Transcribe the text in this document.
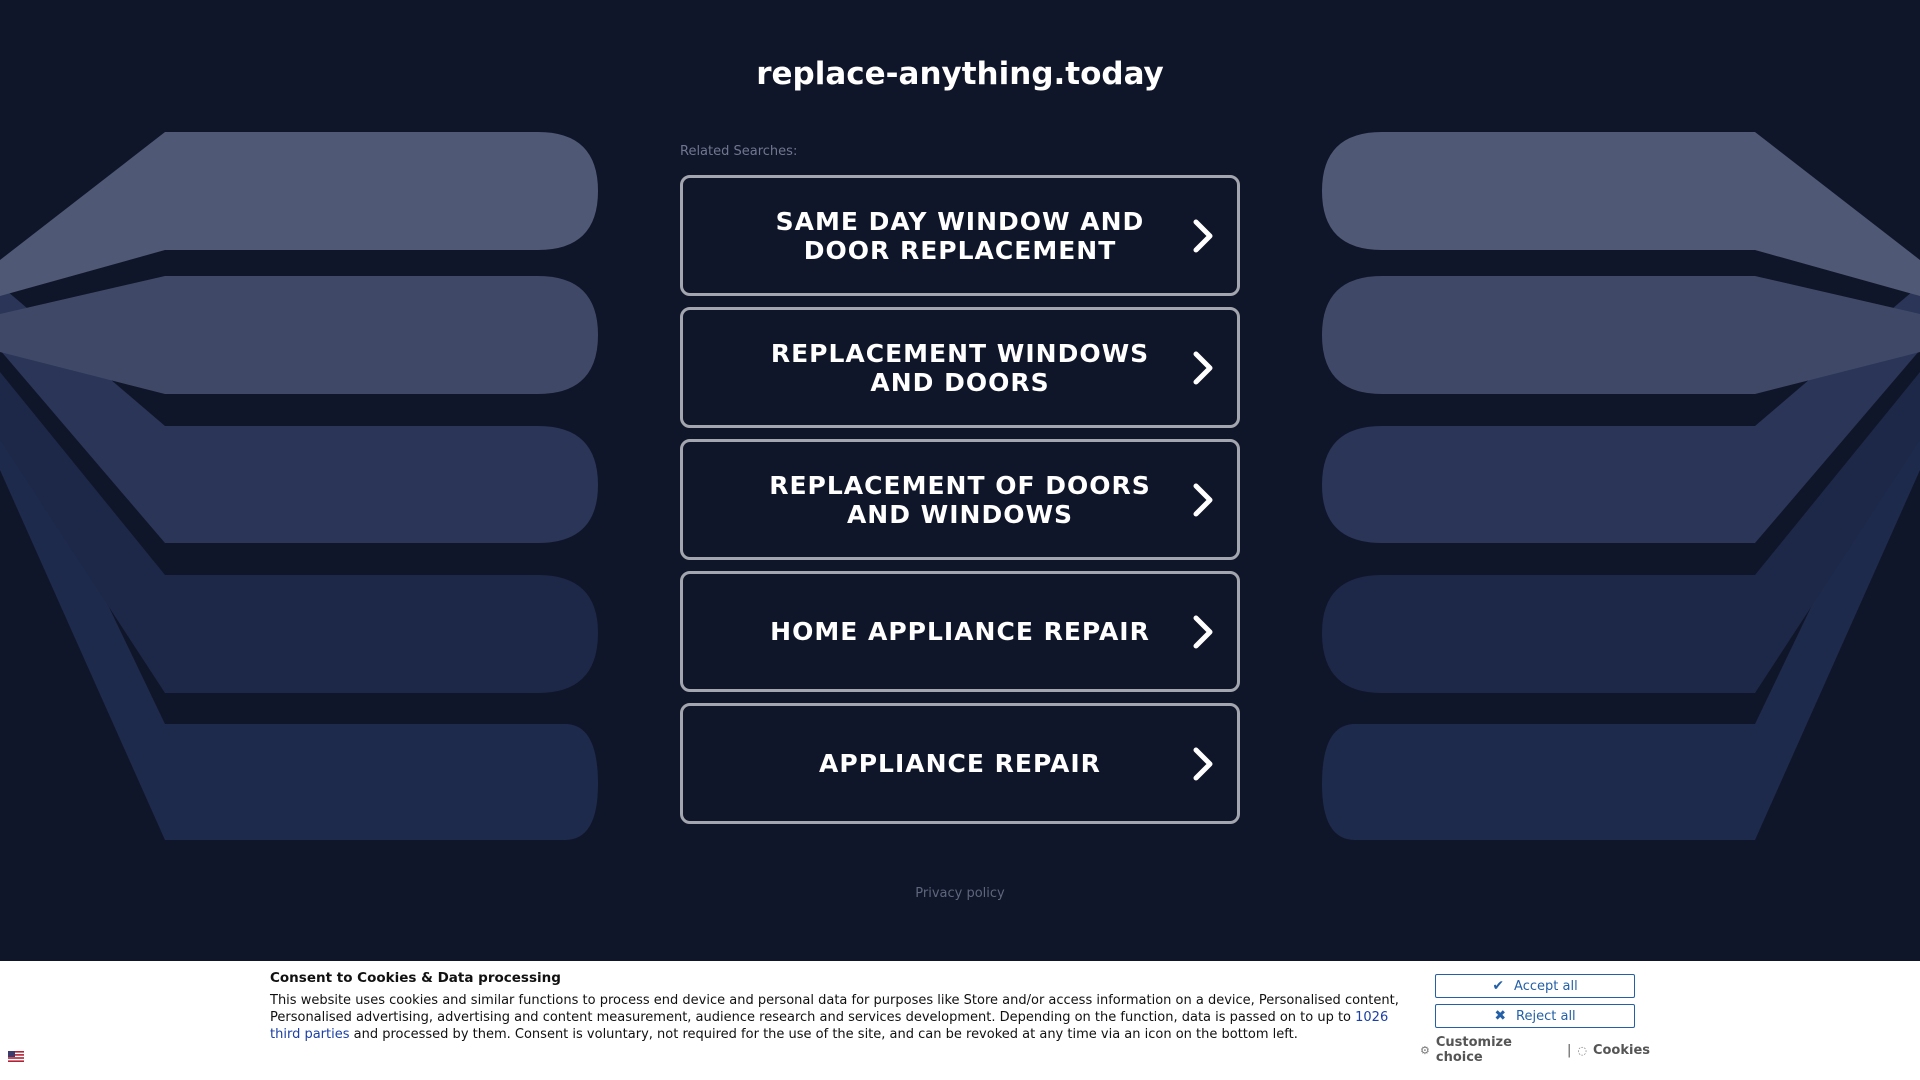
replace-anything.today
Related Searches:
SAME DAY WINDOW AND DOOR REPLACEMENT
REPLACEMENT WINDOWS AND DOORS
REPLACEMENT OF DOORS AND WINDOWS
HOME APPLIANCE REPAIR
APPLIANCE REPAIR
Privacy policy
Consent to Cookies & Data processing
This website uses cookies and similar functions to process end device and personal data for purposes like Store and/or access information on a device, Personalised content, Personalised advertising, advertising and content measurement, audience research and services development. Depending on the function, data is passed on to up to 1026 third parties and processed by them. Consent is voluntary, not required for the use of the site, and can be revoked at any time via an icon on the bottom left.
✔ Accept all
✖ Reject all
⚙ Customize choice	| ◌ Cookies
